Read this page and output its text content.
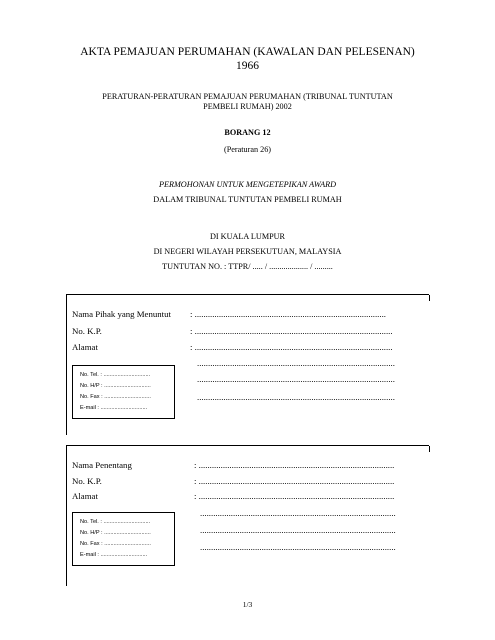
AKTA PEMAJUAN PERUMAHAN (KAWALAN DAN PELESENAN)
1966
PERATURAN-PERATURAN PEMAJUAN PERUMAHAN (TRIBUNAL TUNTUTAN
PEMBELI RUMAH) 2002
BORANG 12
(Peraturan 26)
PERMOHONAN UNTUK MENGETEPIKAN AWARD
DALAM TRIBUNAL TUNTUTAN PEMBELI RUMAH
DI KUALA LUMPUR
DI NEGERI WILAYAH PERSEKUTUAN, MALAYSIA
TUNTUTAN NO. : TTPR/ ..... / ................... / .........
Nama Pihak yang Menuntut : .......................................................................................
No. K.P.	: ..........................................................................................
Alamat	: ..........................................................................................
..........................................................................................
..........................................................................................
..........................................................................................
No. Tel. : ..............................
No. H/P : ..............................
No. Fax : ..............................
E-mail : ..............................
Nama Penentang	: .........................................................................................
No. K.P.	: .........................................................................................
Alamat	: .........................................................................................
.........................................................................................
.........................................................................................
.........................................................................................
No. Tel. : ..............................
No. H/P : ..............................
No. Fax : ..............................
E-mail : ..............................
1/3
